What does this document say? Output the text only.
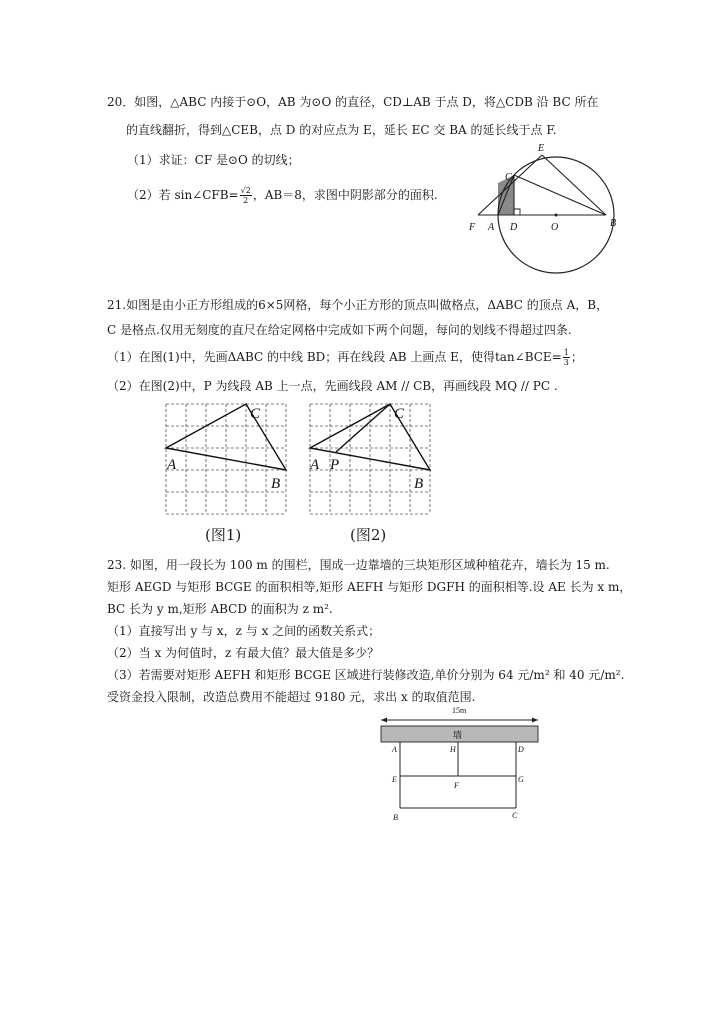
20．如图，△ABC 内接于⊙O，AB 为⊙O 的直径，CD⊥AB 于点 D，将△CDB 沿 BC 所在
的直线翻折，得到△CEB，点 D 的对应点为 E，延长 EC 交 BA 的延长线于点 F.
（1）求证：CF 是⊙O 的切线；
（2）若 sin∠CFB= $\frac{√2}{2}$ ，AB＝8，求图中阴影部分的面积.
E
C
F A D	O	B
21.如图是由小正方形组成的6×5网格，每个小正方形的顶点叫做格点，ΔABC 的顶点 A，B，
C 是格点.仅用无刻度的直尺在给定网格中完成如下两个问题，每问的划线不得超过四条.
（1）在图(1)中，先画ΔABC 的中线 BD；再在线段 AB 上画点 E，使得tan∠BCE= $\frac{1}{3}$ ；
（2）在图(2)中，P 为线段 AB 上一点，先画线段 AM // CB，再画线段 MQ // PC .
A
C
B
(图1)
A P
C
B
(图2)
23. 如图，用一段长为 100 m 的围栏，围成一边靠墙的三块矩形区域种植花卉，墙长为 15 m.
矩形 AEGD 与矩形 BCGE 的面积相等,矩形 AEFH 与矩形 DGFH 的面积相等.设 AE 长为 x m，
BC 长为 y m,矩形 ABCD 的面积为 z m².
（1）直接写出 y 与 x，z 与 x 之间的函数关系式；
（2）当 x 为何值时，z 有最大值？最大值是多少？
（3）若需要对矩形 AEFH 和矩形 BCGE 区域进行装修改造,单价分别为 64 元/m² 和 40 元/m².
受资金投入限制，改造总费用不能超过 9180 元，求出 x 的取值范围.
15m
墙
A	H	D
E	G
F
B	C
